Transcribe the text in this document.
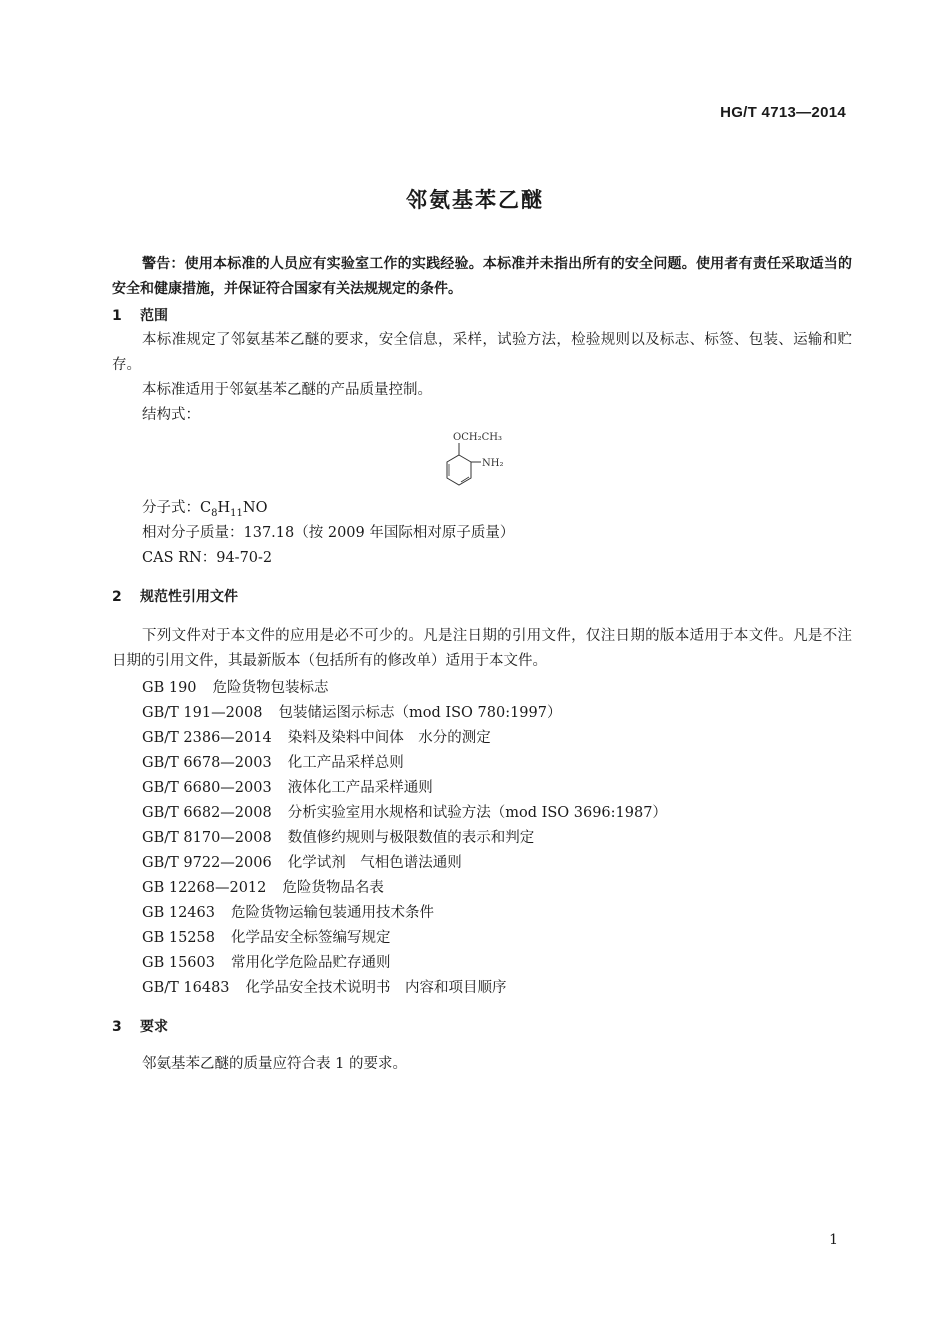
HG/T 4713—2014
邻氨基苯乙醚
警告：使用本标准的人员应有实验室工作的实践经验。本标准并未指出所有的安全问题。使用者有责任采取适当的安全和健康措施，并保证符合国家有关法规规定的条件。
1 范围
本标准规定了邻氨基苯乙醚的要求，安全信息，采样，试验方法，检验规则以及标志、标签、包装、运输和贮存。
本标准适用于邻氨基苯乙醚的产品质量控制。
结构式：
OCH₂CH₃
NH₂
分子式：$C_8H_{11}NO$
相对分子质量：137.18（按 2009 年国际相对原子质量）
CAS RN：94-70-2
2 规范性引用文件
下列文件对于本文件的应用是必不可少的。凡是注日期的引用文件，仅注日期的版本适用于本文件。凡是不注日期的引用文件，其最新版本（包括所有的修改单）适用于本文件。
GB 190 危险货物包装标志
GB/T 191—2008 包装储运图示标志（mod ISO 780:1997）
GB/T 2386—2014 染料及染料中间体　水分的测定
GB/T 6678—2003 化工产品采样总则
GB/T 6680—2003 液体化工产品采样通则
GB/T 6682—2008 分析实验室用水规格和试验方法（mod ISO 3696:1987）
GB/T 8170—2008 数值修约规则与极限数值的表示和判定
GB/T 9722—2006 化学试剂　气相色谱法通则
GB 12268—2012 危险货物品名表
GB 12463 危险货物运输包装通用技术条件
GB 15258 化学品安全标签编写规定
GB 15603 常用化学危险品贮存通则
GB/T 16483 化学品安全技术说明书　内容和项目顺序
3 要求
邻氨基苯乙醚的质量应符合表 1 的要求。
1
